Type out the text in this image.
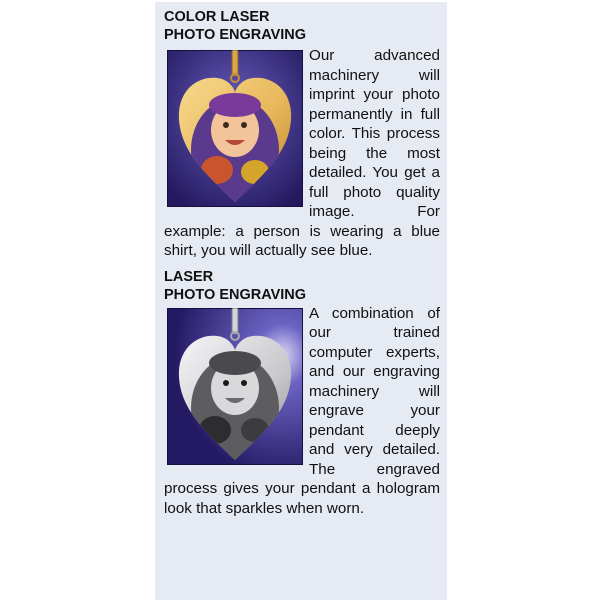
COLOR LASER
PHOTO ENGRAVING

Our advanced machinery will imprint your photo permanently in full color. This process being the most detailed. You get a full photo quality image. For example: a person is wearing a blue shirt, you will actually see blue.

LASER
PHOTO ENGRAVING

A combination of our trained computer experts, and our engraving machinery will engrave your pendant deeply and very detailed. The engraved process gives your pendant a hologram look that sparkles when worn.
